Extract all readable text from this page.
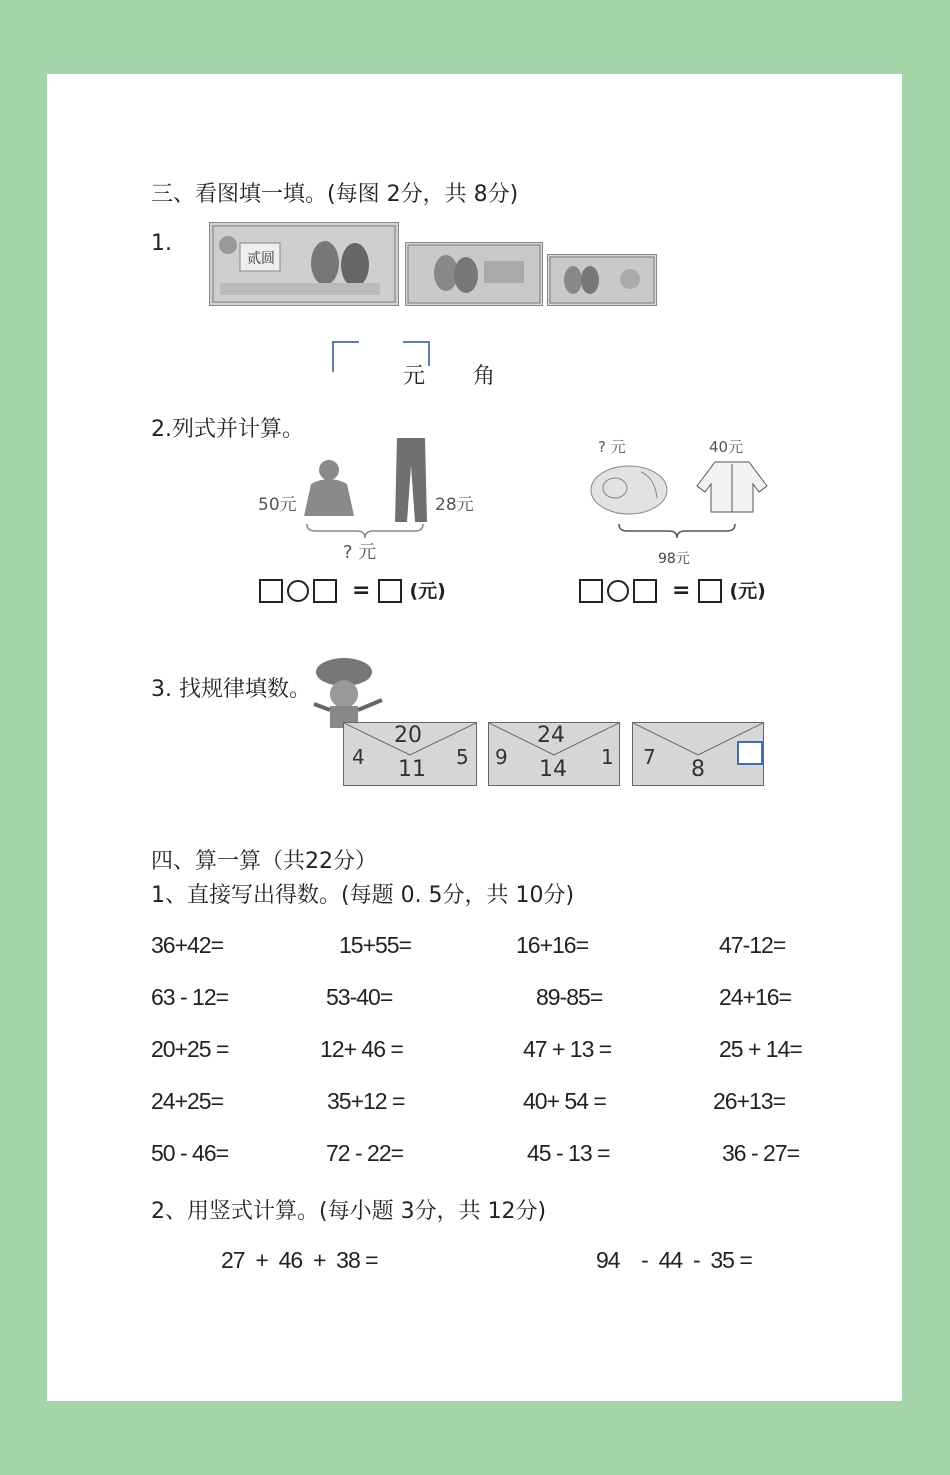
三、看图填一填。(每图 2分，共 8分)
1.
贰圆
元 角
2.列式并计算。
50元	28元
? 元
= (元)
? 元	40元
98元
= (元)
3. 找规律填数。
20
4	5
11
24
9	1
14	7 8
四、算一算（共22分）
1、直接写出得数。(每题 0. 5分，共 10分)
36+42=	15+55=	16+16=	47-12=
63 - 12=	53-40=	89-85=	24+16=
20+25 =	12+ 46 =	47 + 13 =	25 + 14=
24+25=	35+12 =	40+ 54 =	26+13=
50 - 46=	72 - 22=	45 - 13 =	36 - 27=
2、用竖式计算。(每小题 3分，共 12分)
27  +  46  +  38 =	94    -  44  -  35 =
